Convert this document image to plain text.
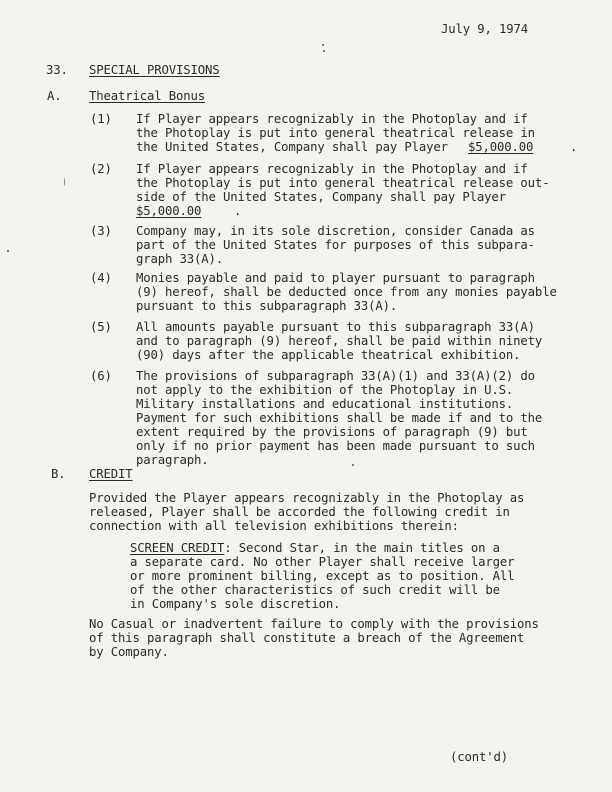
July 9, 1974
33. SPECIAL PROVISIONS
A. Theatrical Bonus
(1) If Player appears recognizably in the Photoplay and if
the Photoplay is put into general theatrical release in
the United States, Company shall pay Player $5,000.00	.
(2) If Player appears recognizably in the Photoplay and if
the Photoplay is put into general theatrical release out-
side of the United States, Company shall pay Player
$5,000.00	.
(3) Company may, in its sole discretion, consider Canada as
part of the United States for purposes of this subpara-
graph 33(A).
(4) Monies payable and paid to player pursuant to paragraph
(9) hereof, shall be deducted once from any monies payable
pursuant to this subparagraph 33(A).
(5) All amounts payable pursuant to this subparagraph 33(A)
and to paragraph (9) hereof, shall be paid within ninety
(90) days after the applicable theatrical exhibition.
(6) The provisions of subparagraph 33(A)(1) and 33(A)(2) do
not apply to the exhibition of the Photoplay in U.S.
Military installations and educational institutions.
Payment for such exhibitions shall be made if and to the
extent required by the provisions of paragraph (9) but
only if no prior payment has been made pursuant to such
paragraph.
B. CREDIT
Provided the Player appears recognizably in the Photoplay as
released, Player shall be accorded the following credit in
connection with all television exhibitions therein:
SCREEN CREDIT: Second Star, in the main titles on a
a separate card. No other Player shall receive larger
or more prominent billing, except as to position. All
of the other characteristics of such credit will be
in Company's sole discretion.
No Casual or inadvertent failure to comply with the provisions
of this paragraph shall constitute a breach of the Agreement
by Company.
(cont'd)
